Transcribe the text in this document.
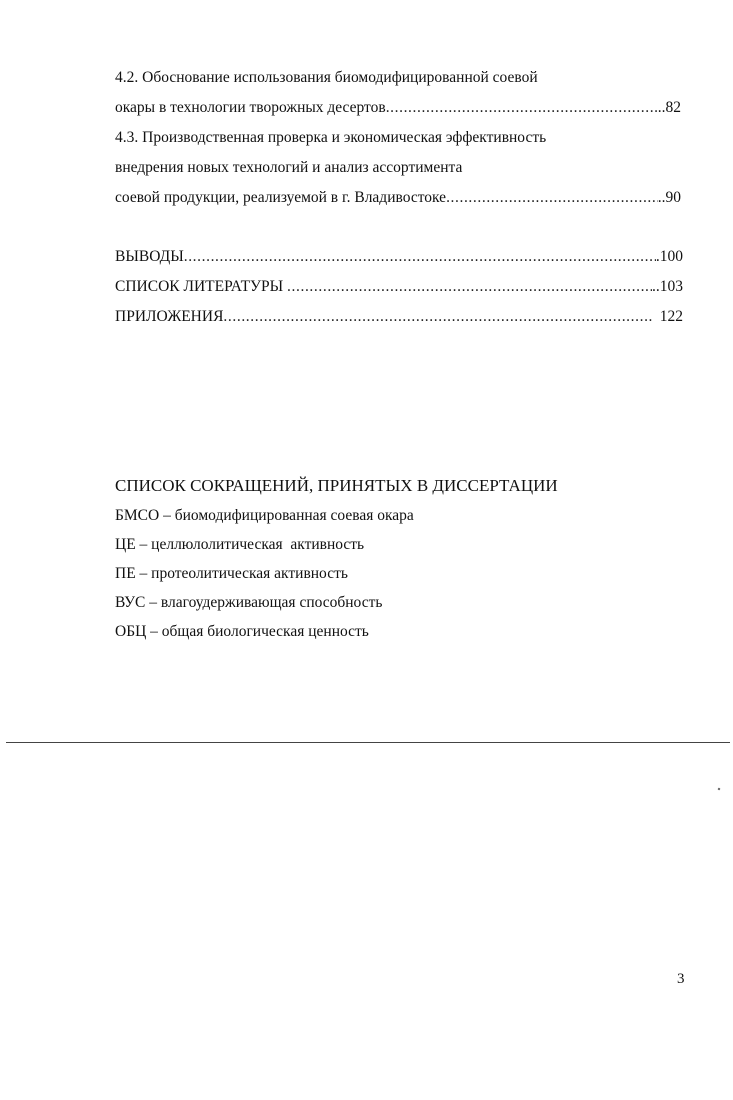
4.2. Обоснование использования биомодифицированной соевой
окары в технологии творожных десертов .....	..82
4.3. Производственная проверка и экономическая эффективность
внедрения новых технологий и анализ ассортимента
соевой продукции, реализуемой в г. Владивостоке .....	..90
ВЫВОДЫ .....	.100
СПИСОК ЛИТЕРАТУРЫ .....	..103
ПРИЛОЖЕНИЯ .....	122
СПИСОК СОКРАЩЕНИЙ, ПРИНЯТЫХ В ДИССЕРТАЦИИ
БМСО – биомодифицированная соевая окара
ЦЕ – целлюлолитическая  активность
ПЕ – протеолитическая активность
ВУС – влагоудерживающая способность
ОБЦ – общая биологическая ценность
3
